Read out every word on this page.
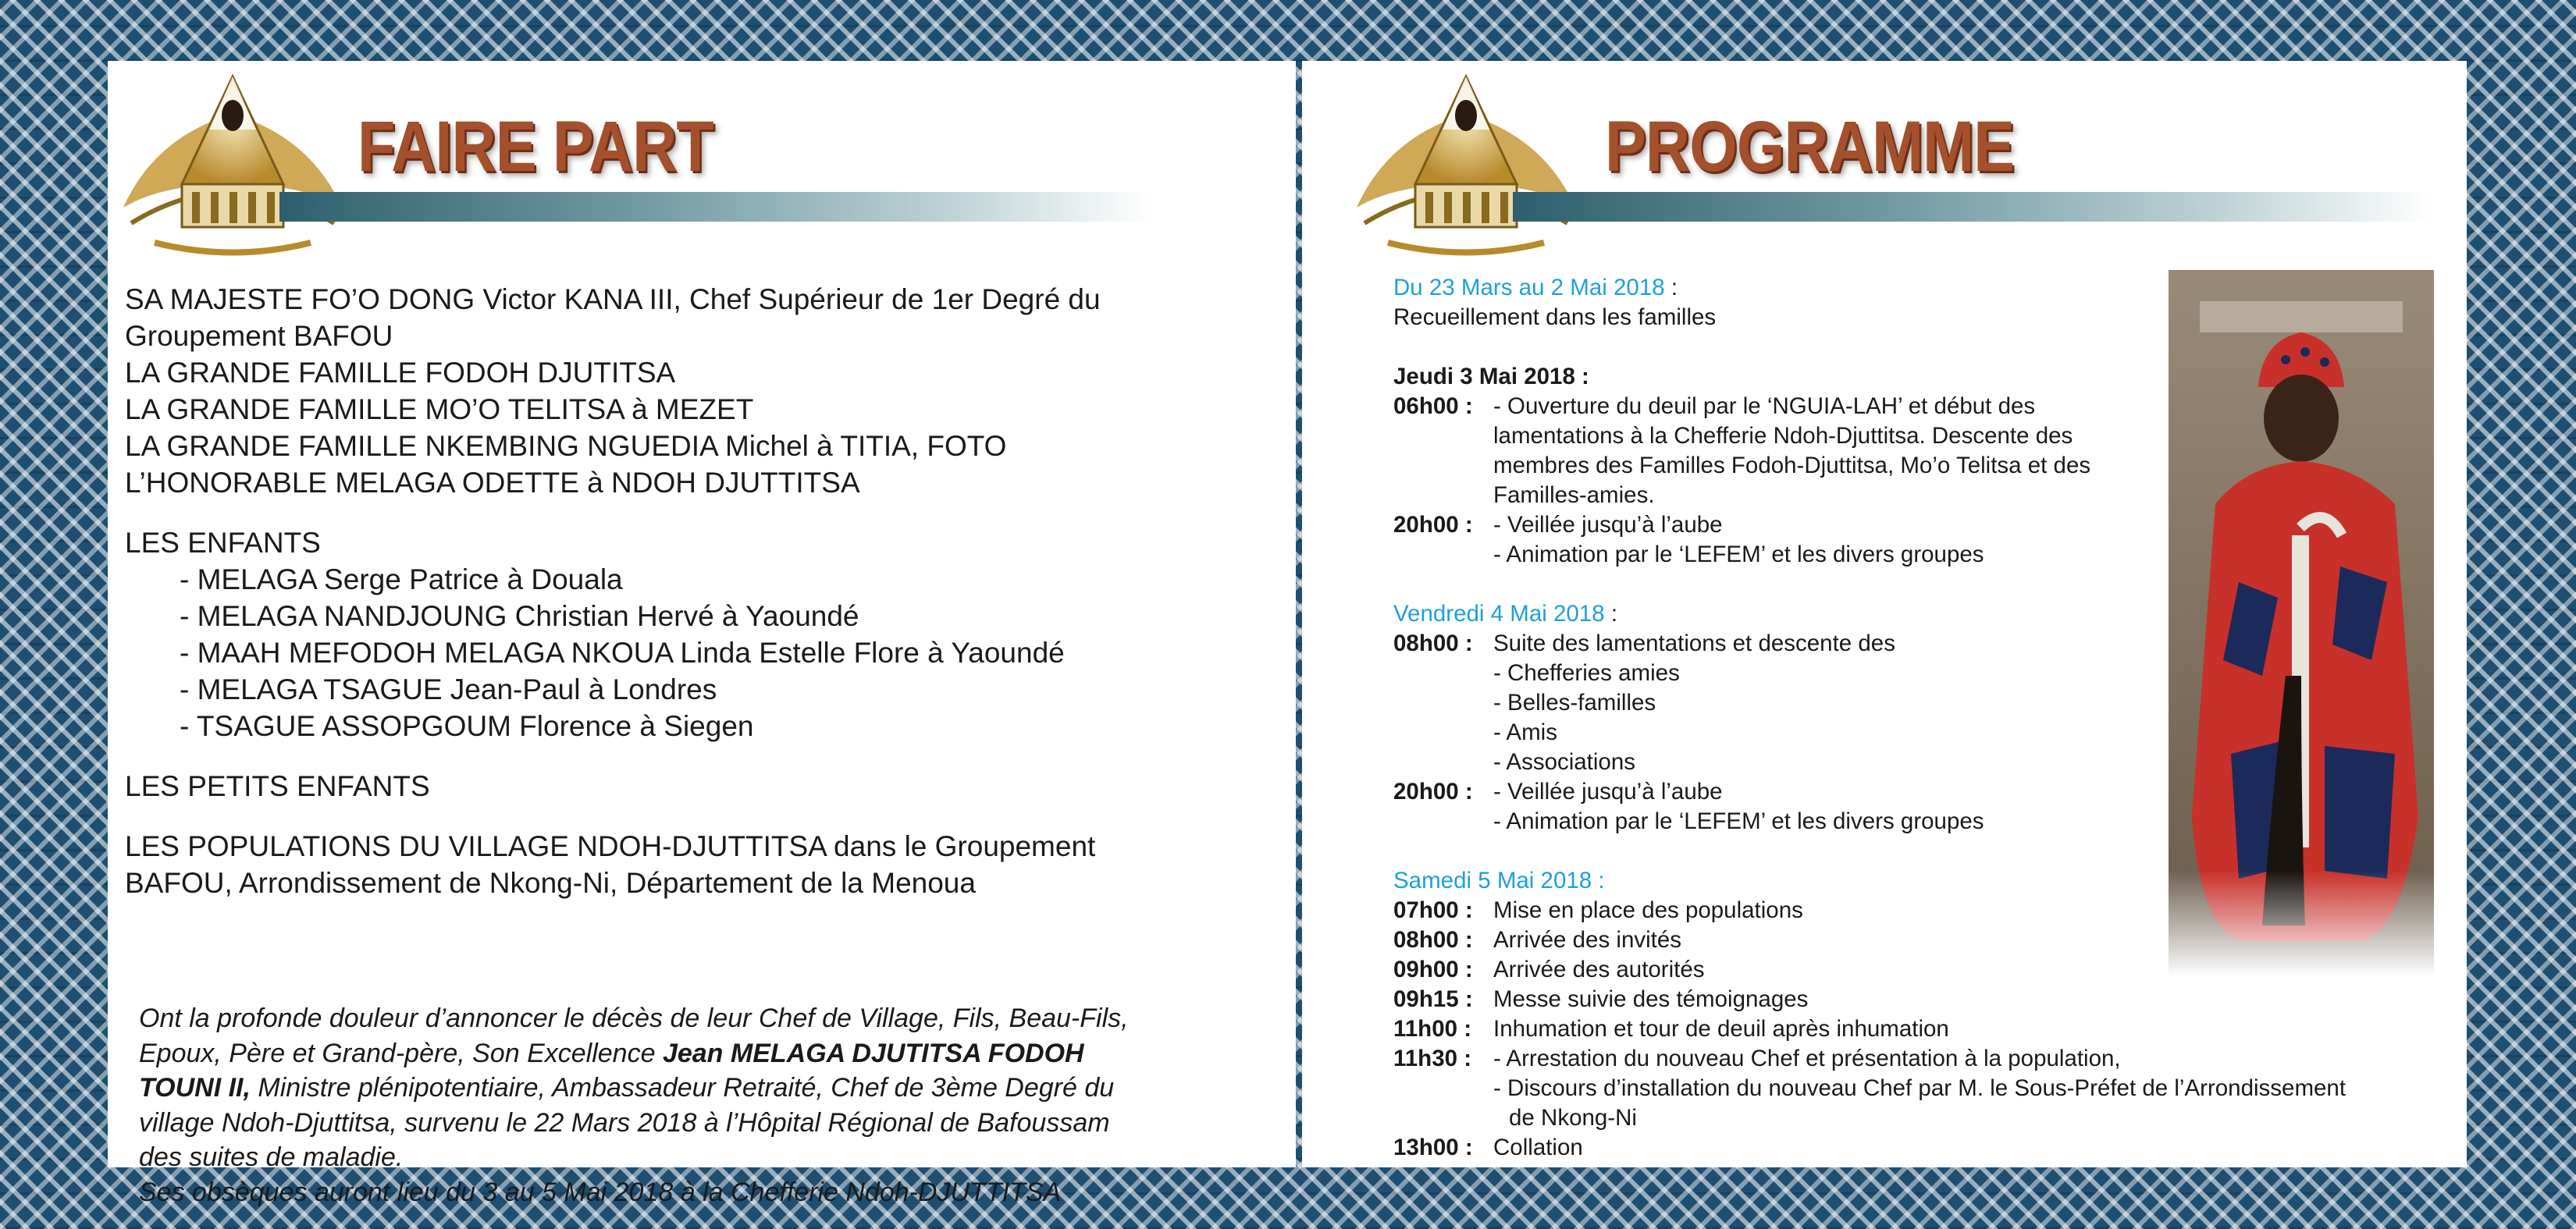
FAIRE PART
SA MAJESTE FO’O DONG Victor KANA III, Chef Supérieur de 1er Degré du
Groupement BAFOU
LA GRANDE FAMILLE FODOH DJUTITSA
LA GRANDE FAMILLE MO’O TELITSA à MEZET
LA GRANDE FAMILLE NKEMBING NGUEDIA Michel à TITIA, FOTO
L’HONORABLE MELAGA ODETTE à NDOH DJUTTITSA
LES ENFANTS
- MELAGA Serge Patrice à Douala
- MELAGA NANDJOUNG Christian Hervé à Yaoundé
- MAAH MEFODOH MELAGA NKOUA Linda Estelle Flore à Yaoundé
- MELAGA TSAGUE Jean-Paul à Londres
- TSAGUE ASSOPGOUM Florence à Siegen
LES PETITS ENFANTS
LES POPULATIONS DU VILLAGE NDOH-DJUTTITSA dans le Groupement
BAFOU, Arrondissement de Nkong-Ni, Département de la Menoua
Ont la profonde douleur d’annoncer le décès de leur Chef de Village, Fils, Beau-Fils,
Epoux, Père et Grand-père, Son Excellence Jean MELAGA DJUTITSA FODOH
TOUNI II, Ministre plénipotentiaire, Ambassadeur Retraité, Chef de 3ème Degré du
village Ndoh-Djuttitsa, survenu le 22 Mars 2018 à l’Hôpital Régional de Bafoussam
des suites de maladie.
Ses obsèques auront lieu du 3 au 5 Mai 2018 à la Chefferie Ndoh-DJUTTITSA
PROGRAMME
Du 23 Mars au 2 Mai 2018 :
Recueillement dans les familles
Jeudi 3 Mai 2018 :
06h00 : - Ouverture du deuil par le ‘NGUIA-LAH’ et début des
lamentations à la Chefferie Ndoh-Djuttitsa. Descente des
membres des Familles Fodoh-Djuttitsa, Mo’o Telitsa et des
Familles-amies.
20h00 : - Veillée jusqu’à l’aube
- Animation par le ‘LEFEM’ et les divers groupes
Vendredi 4 Mai 2018 :
08h00 : Suite des lamentations et descente des
- Chefferies amies
- Belles-familles
- Amis
- Associations
20h00 : - Veillée jusqu’à l’aube
- Animation par le ‘LEFEM’ et les divers groupes
Samedi 5 Mai 2018 :
07h00 : Mise en place des populations
08h00 : Arrivée des invités
09h00 : Arrivée des autorités
09h15 : Messe suivie des témoignages
11h00 : Inhumation et tour de deuil après inhumation
11h30 : - Arrestation du nouveau Chef et présentation à la population,
- Discours d’installation du nouveau Chef par M. le Sous-Préfet de l’Arrondissement
de Nkong-Ni
13h00 : Collation
